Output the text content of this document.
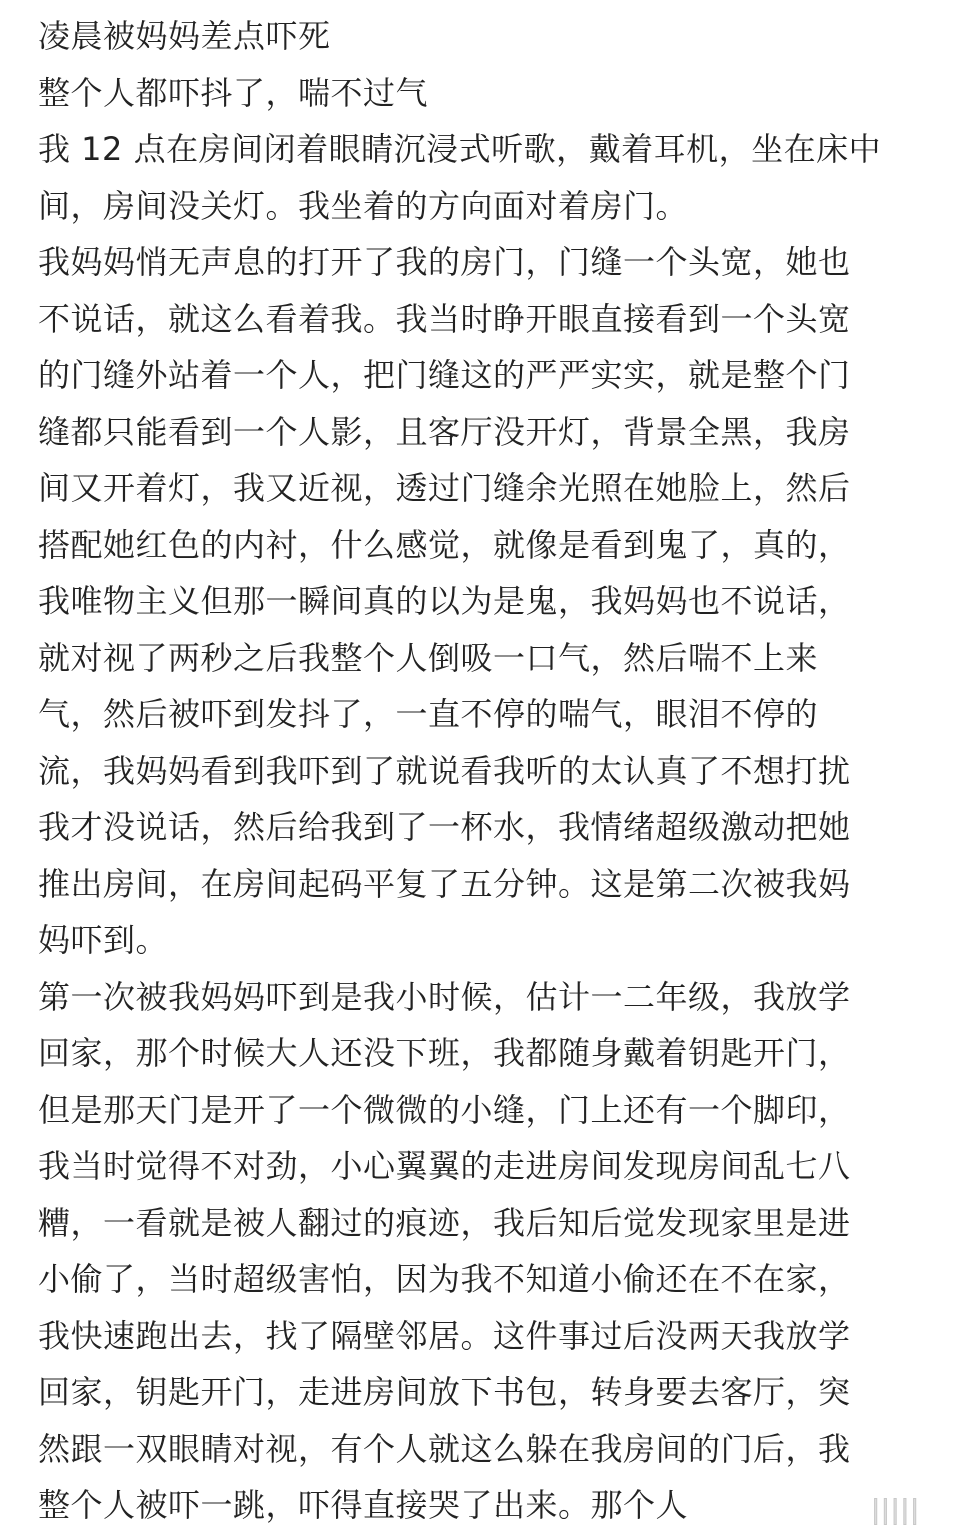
凌晨被妈妈差点吓死
整个人都吓抖了，喘不过气
我 12 点在房间闭着眼睛沉浸式听歌，戴着耳机，坐在床中
间，房间没关灯。我坐着的方向面对着房门。
我妈妈悄无声息的打开了我的房门，门缝一个头宽，她也
不说话，就这么看着我。我当时睁开眼直接看到一个头宽
的门缝外站着一个人，把门缝这的严严实实，就是整个门
缝都只能看到一个人影，且客厅没开灯，背景全黑，我房
间又开着灯，我又近视，透过门缝余光照在她脸上，然后
搭配她红色的内衬，什么感觉，就像是看到鬼了，真的，
我唯物主义但那一瞬间真的以为是鬼，我妈妈也不说话，
就对视了两秒之后我整个人倒吸一口气，然后喘不上来
气，然后被吓到发抖了，一直不停的喘气，眼泪不停的
流，我妈妈看到我吓到了就说看我听的太认真了不想打扰
我才没说话，然后给我到了一杯水，我情绪超级激动把她
推出房间，在房间起码平复了五分钟。这是第二次被我妈
妈吓到。
第一次被我妈妈吓到是我小时候，估计一二年级，我放学
回家，那个时候大人还没下班，我都随身戴着钥匙开门，
但是那天门是开了一个微微的小缝，门上还有一个脚印，
我当时觉得不对劲，小心翼翼的走进房间发现房间乱七八
糟，一看就是被人翻过的痕迹，我后知后觉发现家里是进
小偷了，当时超级害怕，因为我不知道小偷还在不在家，
我快速跑出去，找了隔壁邻居。这件事过后没两天我放学
回家，钥匙开门，走进房间放下书包，转身要去客厅，突
然跟一双眼睛对视，有个人就这么躲在我房间的门后，我
整个人被吓一跳，吓得直接哭了出来。那个人	|||||
